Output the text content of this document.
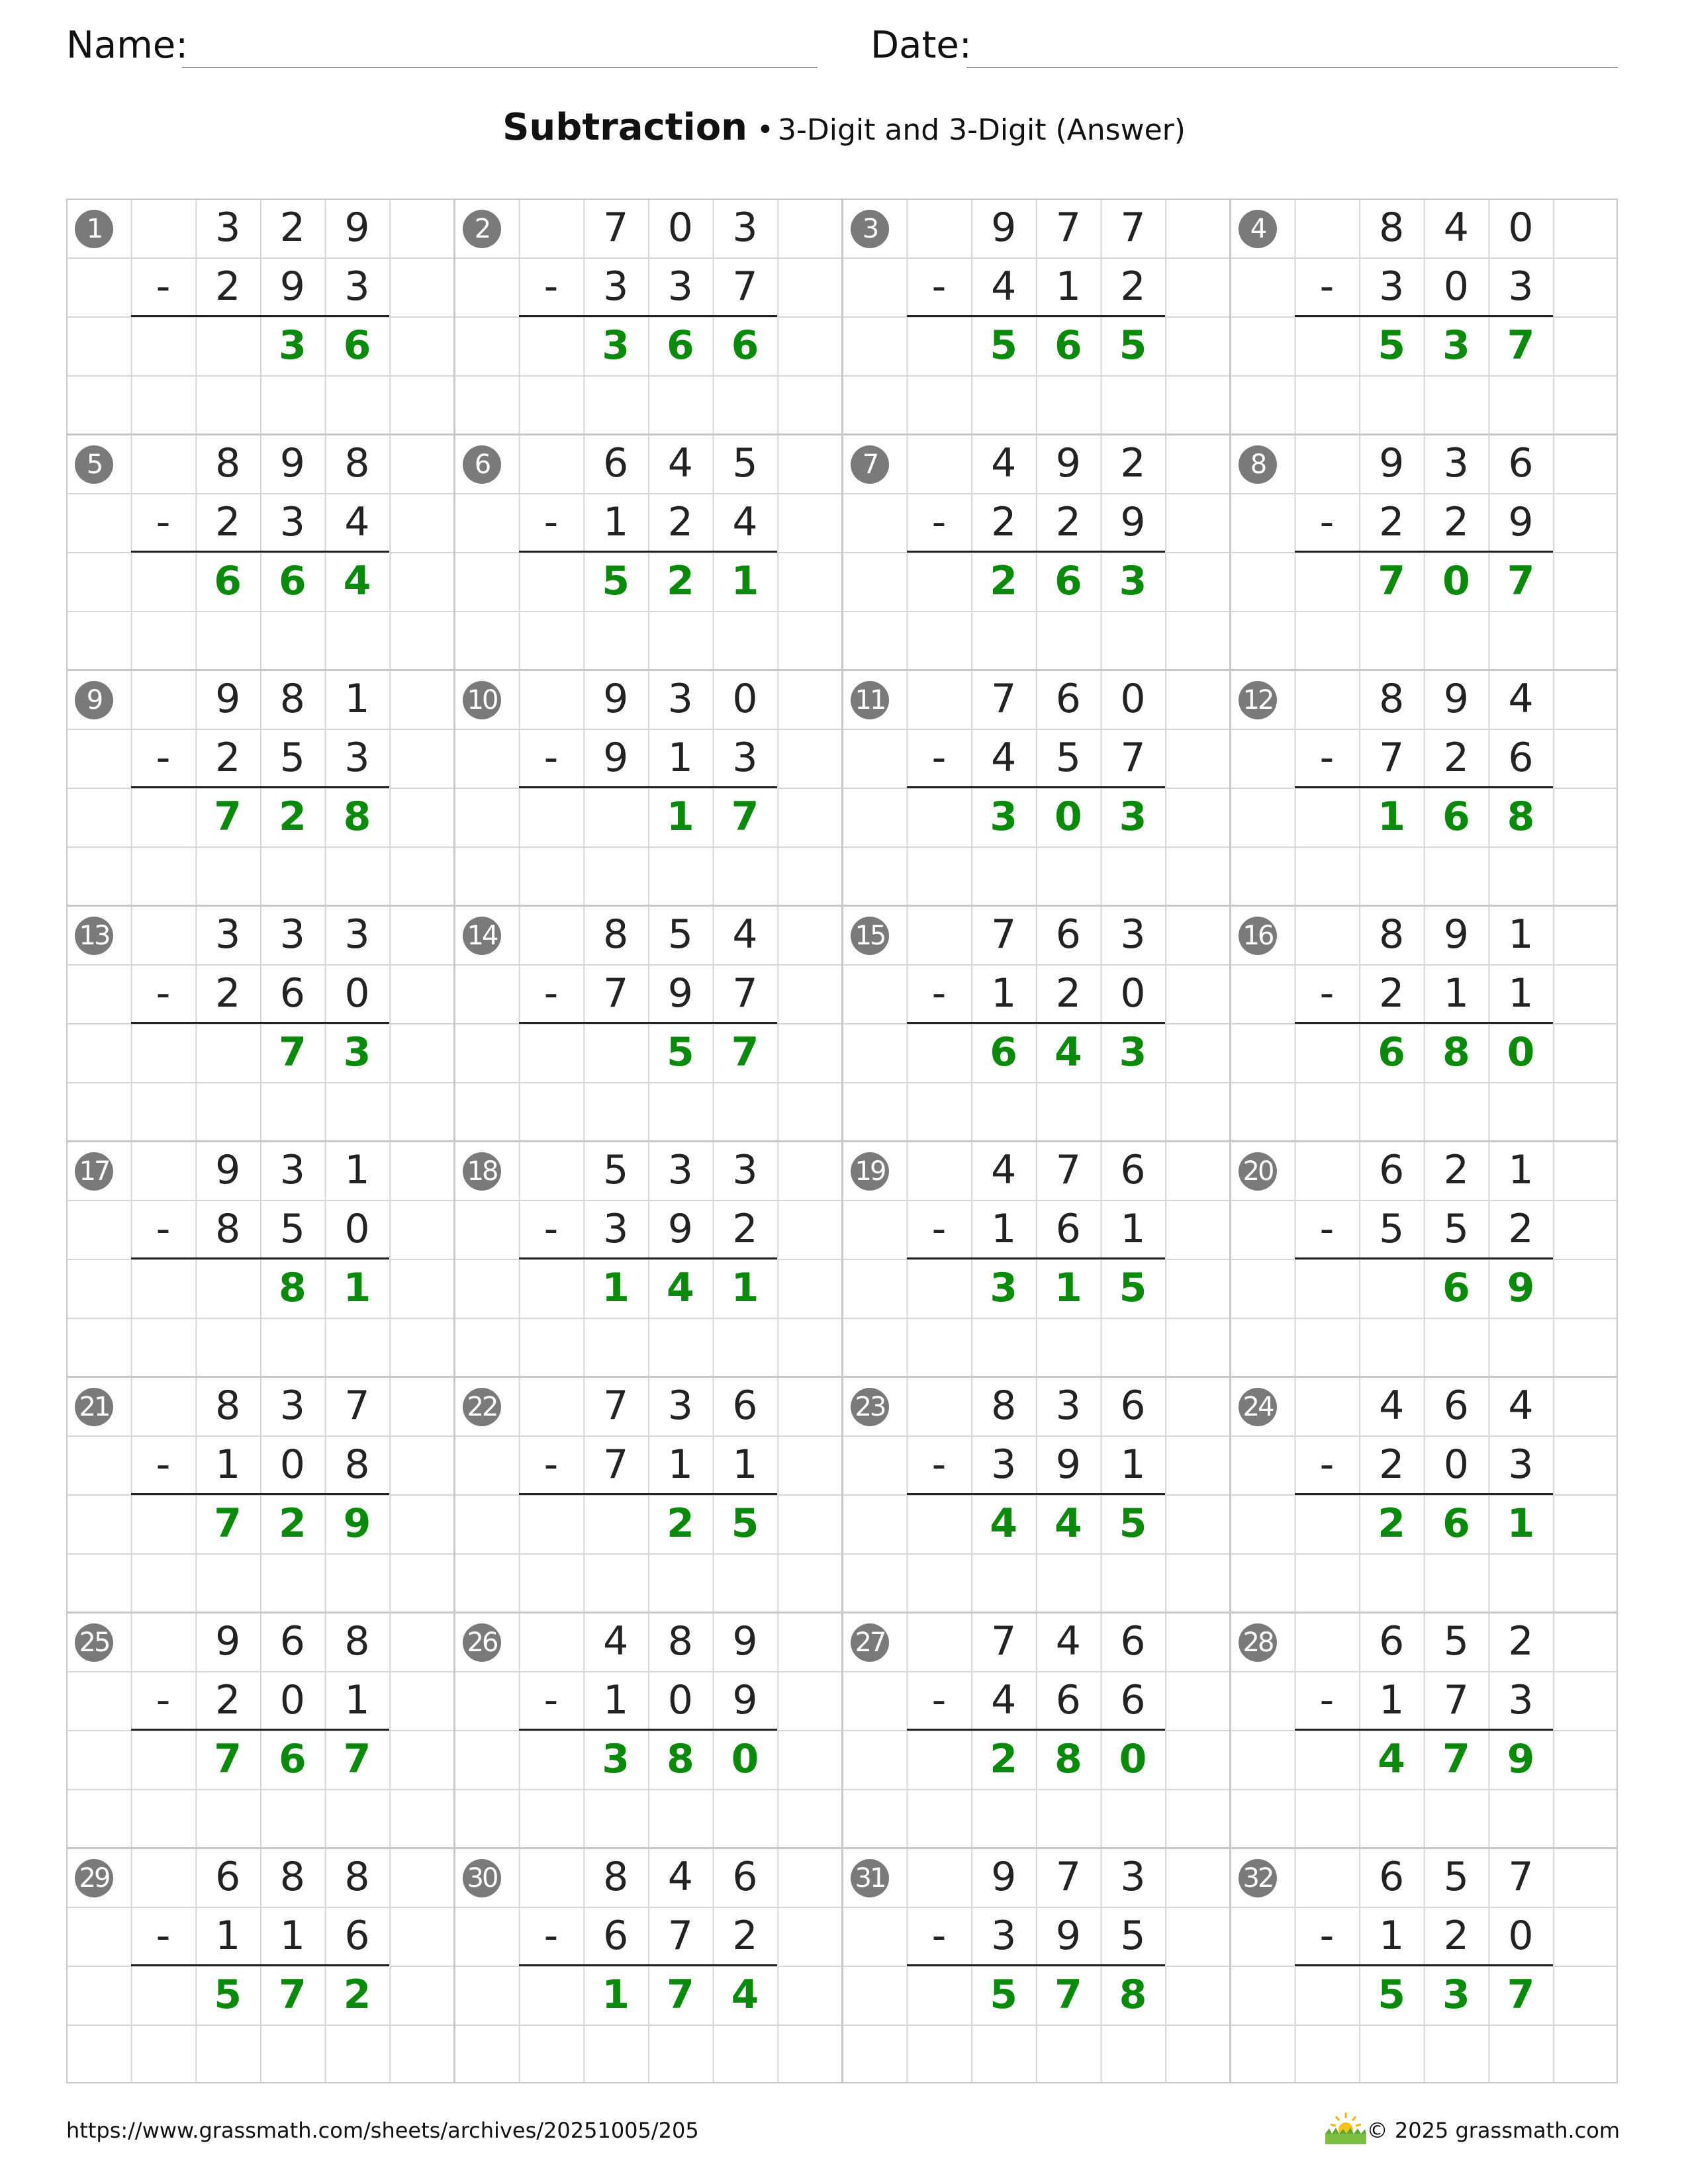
Name:	Date:
Subtraction • 3-Digit and 3-Digit (Answer)
https://www.grassmath.com/sheets/archives/20251005/205	© 2025 grassmath.com
1	3 2 9
-	2 9 3
3 6
2	7 0 3
-	3 3 7
3 6 6
3	9 7 7
-	4 1 2
5 6 5
4	8 4 0
-	3 0 3
5 3 7
5	8 9 8
-	2 3 4
6 6 4
6	6 4 5
-	1 2 4
5 2 1
7	4 9 2
-	2 2 9
2 6 3
8	9 3 6
-	2 2 9
7 0 7
9	9 8 1
-	2 5 3
7 2 8
10	9 3 0
-	9 1 3
1 7
11	7 6 0
-	4 5 7
3 0 3
12	8 9 4
-	7 2 6
1 6 8
13	3 3 3
-	2 6 0
7 3
14	8 5 4
-	7 9 7
5 7
15	7 6 3
-	1 2 0
6 4 3
16	8 9 1
-	2 1 1
6 8 0
17	9 3 1
-	8 5 0
8 1
18	5 3 3
-	3 9 2
1 4 1
19	4 7 6
-	1 6 1
3 1 5
20	6 2 1
-	5 5 2
6 9
21	8 3 7
-	1 0 8
7 2 9
22	7 3 6
-	7 1 1
2 5
23	8 3 6
-	3 9 1
4 4 5
24	4 6 4
-	2 0 3
2 6 1
25	9 6 8
-	2 0 1
7 6 7
26	4 8 9
-	1 0 9
3 8 0
27	7 4 6
-	4 6 6
2 8 0
28	6 5 2
-	1 7 3
4 7 9
29	6 8 8
-	1 1 6
5 7 2
30	8 4 6
-	6 7 2
1 7 4
31	9 7 3
-	3 9 5
5 7 8
32	6 5 7
-	1 2 0
5 3 7
